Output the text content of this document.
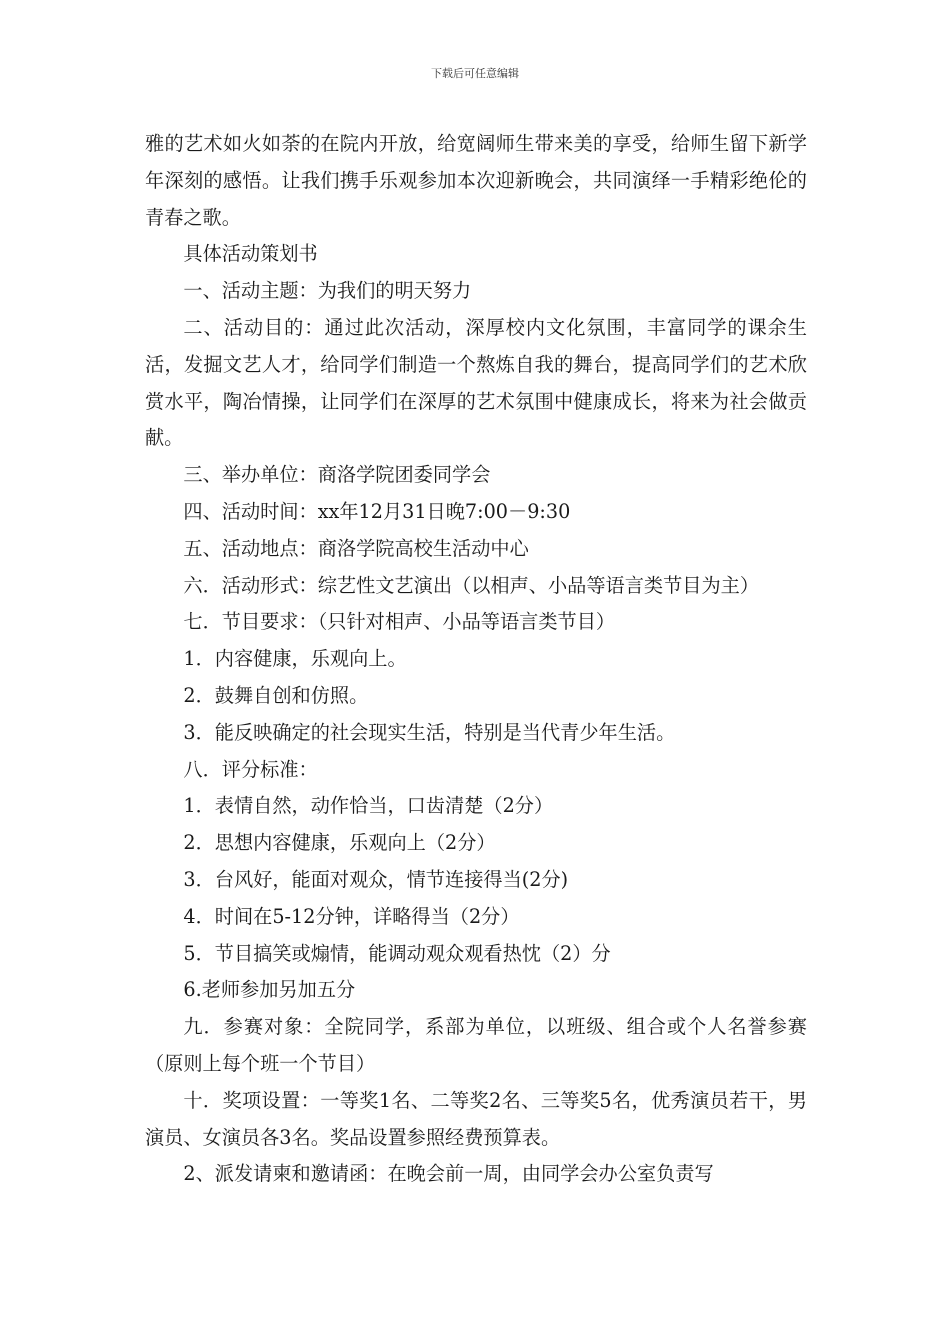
下载后可任意编辑

雅的艺术如火如荼的在院内开放，给宽阔师生带来美的享受，给师生留下新学年深刻的感悟。让我们携手乐观参加本次迎新晚会，共同演绎一手精彩绝伦的青春之歌。

具体活动策划书

一、活动主题：为我们的明天努力

二、活动目的：通过此次活动，深厚校内文化氛围，丰富同学的课余生活，发掘文艺人才，给同学们制造一个熬炼自我的舞台，提高同学们的艺术欣赏水平，陶冶情操，让同学们在深厚的艺术氛围中健康成长，将来为社会做贡献。

三、举办单位：商洛学院团委同学会

四、活动时间：xx年12月31日晚7:00－9:30

五、活动地点：商洛学院高校生活动中心

六．活动形式：综艺性文艺演出（以相声、小品等语言类节目为主）

七．节目要求：（只针对相声、小品等语言类节目）

1．内容健康，乐观向上。

2．鼓舞自创和仿照。

3．能反映确定的社会现实生活，特别是当代青少年生活。

八．评分标准：

1．表情自然，动作恰当，口齿清楚（2分）

2．思想内容健康，乐观向上（2分）

3．台风好，能面对观众，情节连接得当(2分)

4．时间在5-12分钟，详略得当（2分）

5．节目搞笑或煽情，能调动观众观看热忱（2）分

6.老师参加另加五分

九．参赛对象：全院同学，系部为单位，以班级、组合或个人名誉参赛（原则上每个班一个节目）

十．奖项设置：一等奖1名、二等奖2名、三等奖5名，优秀演员若干，男演员、女演员各3名。奖品设置参照经费预算表。

2、派发请柬和邀请函：在晚会前一周，由同学会办公室负责写
